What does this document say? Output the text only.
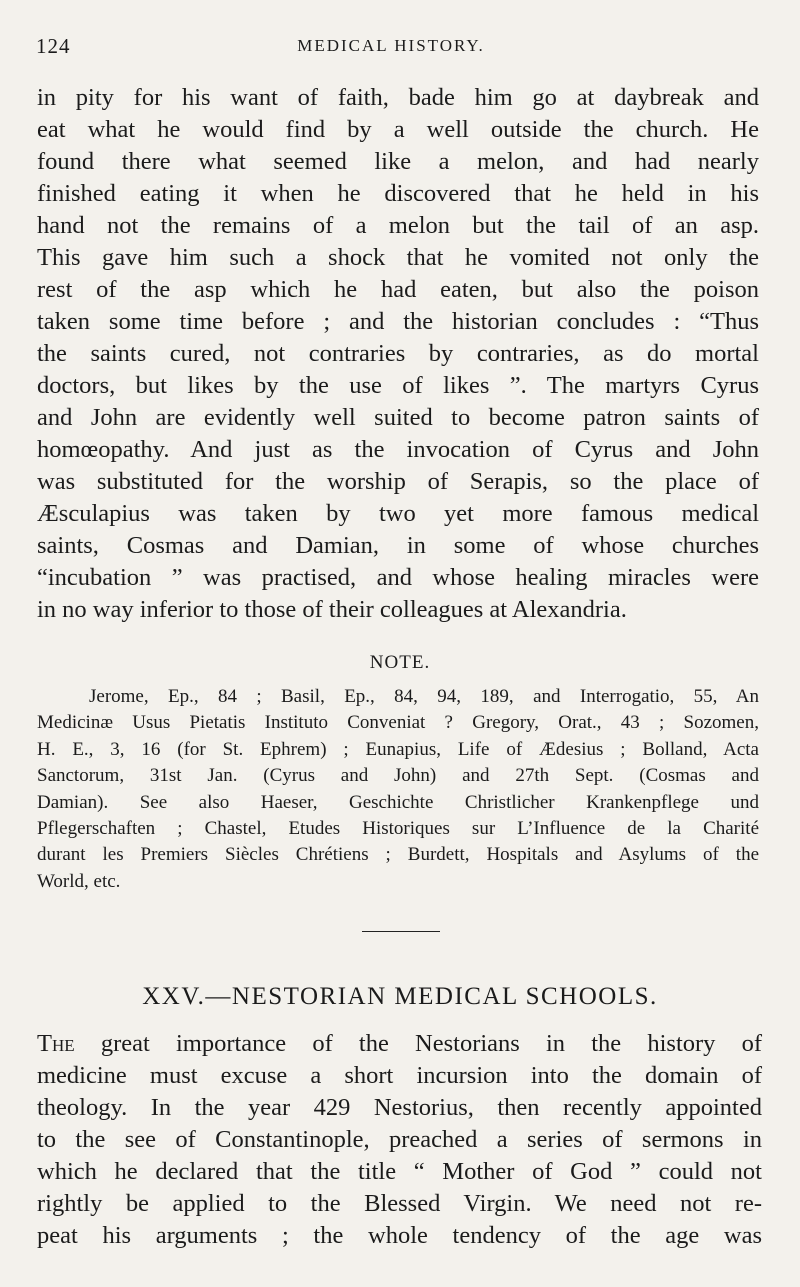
124	MEDICAL HISTORY.
in pity for his want of faith, bade him go at daybreak and
eat what he would find by a well outside the church. He
found there what seemed like a melon, and had nearly
finished eating it when he discovered that he held in his
hand not the remains of a melon but the tail of an asp.
This gave him such a shock that he vomited not only the
rest of the asp which he had eaten, but also the poison
taken some time before ; and the historian concludes : “Thus
the saints cured, not contraries by contraries, as do mortal
doctors, but likes by the use of likes ”. The martyrs Cyrus
and John are evidently well suited to become patron saints of
homœopathy. And just as the invocation of Cyrus and John
was substituted for the worship of Serapis, so the place of
Æsculapius was taken by two yet more famous medical
saints, Cosmas and Damian, in some of whose churches
“incubation ” was practised, and whose healing miracles were
in no way inferior to those of their colleagues at Alexandria.
NOTE.
Jerome, Ep., 84 ; Basil, Ep., 84, 94, 189, and Interrogatio, 55, An
Medicinæ Usus Pietatis Instituto Conveniat ? Gregory, Orat., 43 ; Sozomen,
H. E., 3, 16 (for St. Ephrem) ; Eunapius, Life of Ædesius ; Bolland, Acta
Sanctorum, 31st Jan. (Cyrus and John) and 27th Sept. (Cosmas and
Damian). See also Haeser, Geschichte Christlicher Krankenpflege und
Pflegerschaften ; Chastel, Etudes Historiques sur L’Influence de la Charité
durant les Premiers Siècles Chrétiens ; Burdett, Hospitals and Asylums of the
World, etc.
XXV.—NESTORIAN MEDICAL SCHOOLS.
The great importance of the Nestorians in the history of
medicine must excuse a short incursion into the domain of
theology. In the year 429 Nestorius, then recently appointed
to the see of Constantinople, preached a series of sermons in
which he declared that the title “ Mother of God ” could not
rightly be applied to the Blessed Virgin. We need not re-
peat his arguments ; the whole tendency of the age was
